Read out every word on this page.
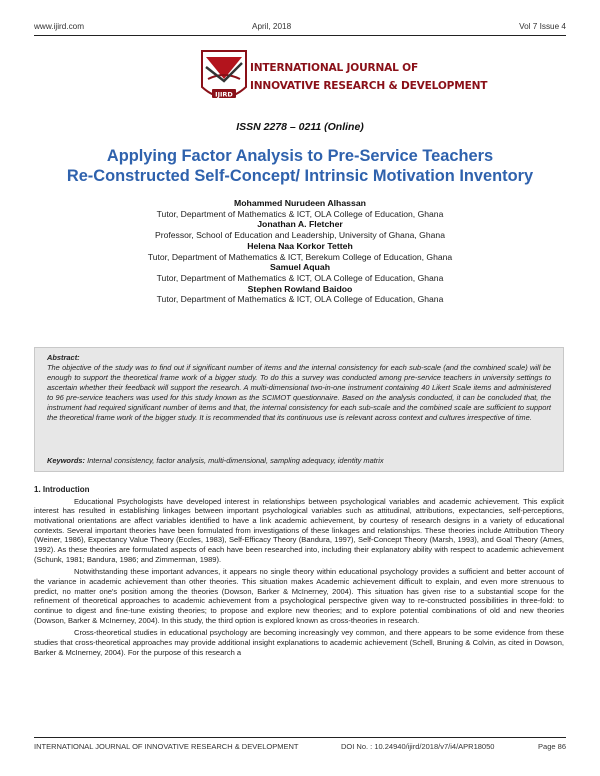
www.ijird.com	April, 2018	Vol 7 Issue 4
IJIRD
INTERNATIONAL JOURNAL OF
INNOVATIVE RESEARCH & DEVELOPMENT
ISSN 2278 – 0211 (Online)
Applying Factor Analysis to Pre-Service Teachers
Re-Constructed Self-Concept/ Intrinsic Motivation Inventory
Mohammed Nurudeen Alhassan
Tutor, Department of Mathematics & ICT, OLA College of Education, Ghana
Jonathan A. Fletcher
Professor, School of Education and Leadership, University of Ghana, Ghana
Helena Naa Korkor Tetteh
Tutor, Department of Mathematics & ICT, Berekum College of Education, Ghana
Samuel Aquah
Tutor, Department of Mathematics & ICT, OLA College of Education, Ghana
Stephen Rowland Baidoo
Tutor, Department of Mathematics & ICT, OLA College of Education, Ghana
Abstract:
The objective of the study was to find out if significant number of items and the internal consistency for each sub-scale (and the combined scale) will be enough to support the theoretical frame work of a bigger study. To do this a survey was conducted among pre-service teachers in university settings to ascertain whether their feedback will support the research. A multi-dimensional two-in-one instrument containing 40 Likert Scale items and administered to 96 pre-service teachers was used for this study known as the SCIMOT questionnaire. Based on the analysis conducted, it can be concluded that, the instrument had required significant number of items and that, the internal consistency for each sub-scale and the combined scale are sufficient to support the theoretical frame work of the bigger study. It is recommended that its continuous use is relevant across context and cultures irrespective of time.
Keywords: Internal consistency, factor analysis, multi-dimensional, sampling adequacy, identity matrix
1. Introduction

Educational Psychologists have developed interest in relationships between psychological variables and academic achievement. This explicit interest has resulted in establishing linkages between important psychological variables such as attitudinal, attributions, expectancies, self-perceptions, motivational orientations are affect variables identified to have a link academic achievement, by courtesy of research designs in a variety of educational contexts. Several important theories have been formulated from investigations of these linkages and relationships. These theories include Attribution Theory (Weiner, 1986), Expectancy Value Theory (Eccles, 1983), Self-Efficacy Theory (Bandura, 1997), Self-Concept Theory (Marsh, 1993), and Goal Theory (Ames, 1992). As these theories are formulated aspects of each have been researched into, including their explanatory ability with respect to academic achievement (Schunk, 1981; Bandura, 1986; and Zimmerman, 1989).

Notwithstanding these important advances, it appears no single theory within educational psychology provides a sufficient and better account of the variance in academic achievement than other theories. This situation makes Academic achievement difficult to explain, and even more strenuous to predict, no matter one's position among the theories (Dowson, Barker & McInerney, 2004). This situation has given rise to a substantial scope for the refinement of theoretical approaches to academic achievement from a psychological perspective given way to re-constructed possibilities in three-fold: to continue to digest and fine-tune existing theories; to propose and explore new theories; and to explore potential combinations of old and new theories (Dowson, Barker & McInerney, 2004). In this study, the third option is explored known as cross-theories in research.

Cross-theoretical studies in educational psychology are becoming increasingly vey common, and there appears to be some evidence from these studies that cross-theoretical approaches may provide additional insight explanations to academic achievement (Schell, Bruning & Colvin, as cited in Dowson, Barker & McInerney, 2004). For the purpose of this research a

INTERNATIONAL JOURNAL OF INNOVATIVE RESEARCH & DEVELOPMENT	DOI No. : 10.24940/ijird/2018/v7/i4/APR18050	Page 86
